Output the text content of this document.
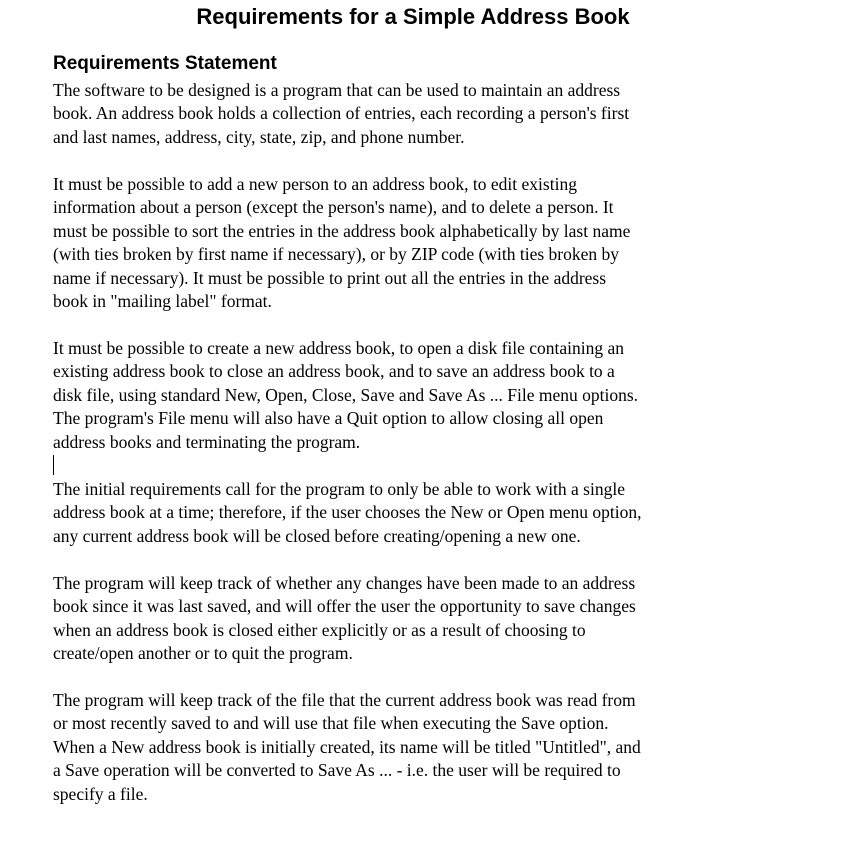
Requirements for a Simple Address Book
Requirements Statement
The software to be designed is a program that can be used to maintain an address
book. An address book holds a collection of entries, each recording a person's first
and last names, address, city, state, zip, and phone number.
It must be possible to add a new person to an address book, to edit existing
information about a person (except the person's name), and to delete a person. It
must be possible to sort the entries in the address book alphabetically by last name
(with ties broken by first name if necessary), or by ZIP code (with ties broken by
name if necessary). It must be possible to print out all the entries in the address
book in "mailing label" format.
It must be possible to create a new address book, to open a disk file containing an
existing address book to close an address book, and to save an address book to a
disk file, using standard New, Open, Close, Save and Save As ... File menu options.
The program's File menu will also have a Quit option to allow closing all open
address books and terminating the program.
The initial requirements call for the program to only be able to work with a single
address book at a time; therefore, if the user chooses the New or Open menu option,
any current address book will be closed before creating/opening a new one.
The program will keep track of whether any changes have been made to an address
book since it was last saved, and will offer the user the opportunity to save changes
when an address book is closed either explicitly or as a result of choosing to
create/open another or to quit the program.
The program will keep track of the file that the current address book was read from
or most recently saved to and will use that file when executing the Save option.
When a New address book is initially created, its name will be titled "Untitled", and
a Save operation will be converted to Save As ... - i.e. the user will be required to
specify a file.
